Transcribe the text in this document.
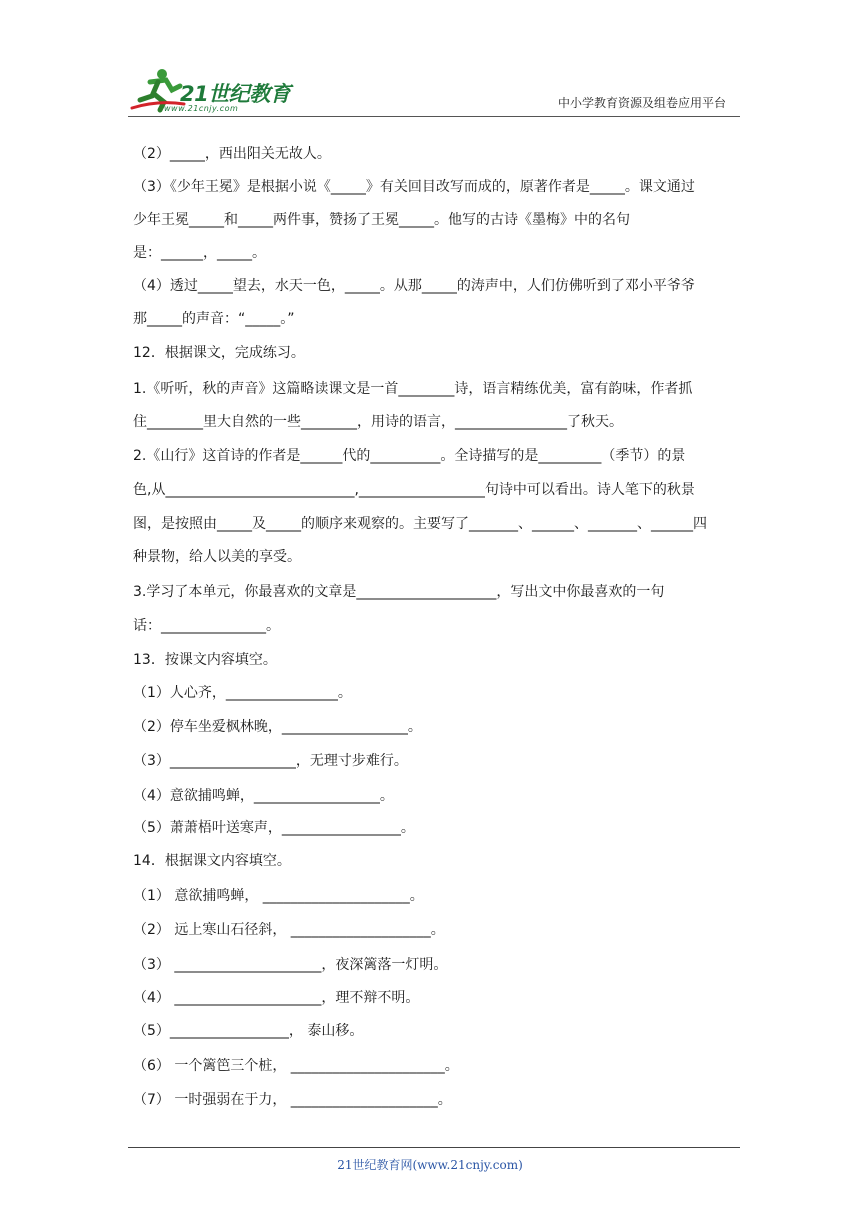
21世纪教育
www.21cnjy.com	中小学教育资源及组卷应用平台
（2）_____，西出阳关无故人。
（3）《少年王冕》是根据小说《_____》有关回目改写而成的，原著作者是_____。课文通过
少年王冕_____和_____两件事，赞扬了王冕_____。他写的古诗《墨梅》中的名句
是：______，_____。
（4）透过_____望去，水天一色，_____。从那_____的涛声中，人们仿佛听到了邓小平爷爷
那_____的声音：“_____。”
12．根据课文，完成练习。
1.《听听，秋的声音》这篇略读课文是一首________诗，语言精练优美，富有韵味，作者抓
住________里大自然的一些________，用诗的语言，________________了秋天。
2.《山行》这首诗的作者是______代的__________。全诗描写的是_________（季节）的景
色,从___________________________,__________________句诗中可以看出。诗人笔下的秋景
图，是按照由_____及_____的顺序来观察的。主要写了_______、______、_______、______四
种景物，给人以美的享受。
3.学习了本单元，你最喜欢的文章是____________________，写出文中你最喜欢的一句
话：_______________。
13．按课文内容填空。
（1）人心齐，________________。
（2）停车坐爱枫林晚，__________________。
（3）__________________，无理寸步难行。
（4）意欲捕鸣蝉，__________________。
（5）萧萧梧叶送寒声，_________________。
14．根据课文内容填空。
（1） 意欲捕鸣蝉， _____________________。
（2） 远上寒山石径斜， ____________________。
（3） _____________________，夜深篱落一灯明。
（4） _____________________，理不辩不明。
（5）_________________， 泰山移。
（6） 一个篱笆三个桩， ______________________。
（7） 一时强弱在于力， _____________________。
21世纪教育网(www.21cnjy.com)
